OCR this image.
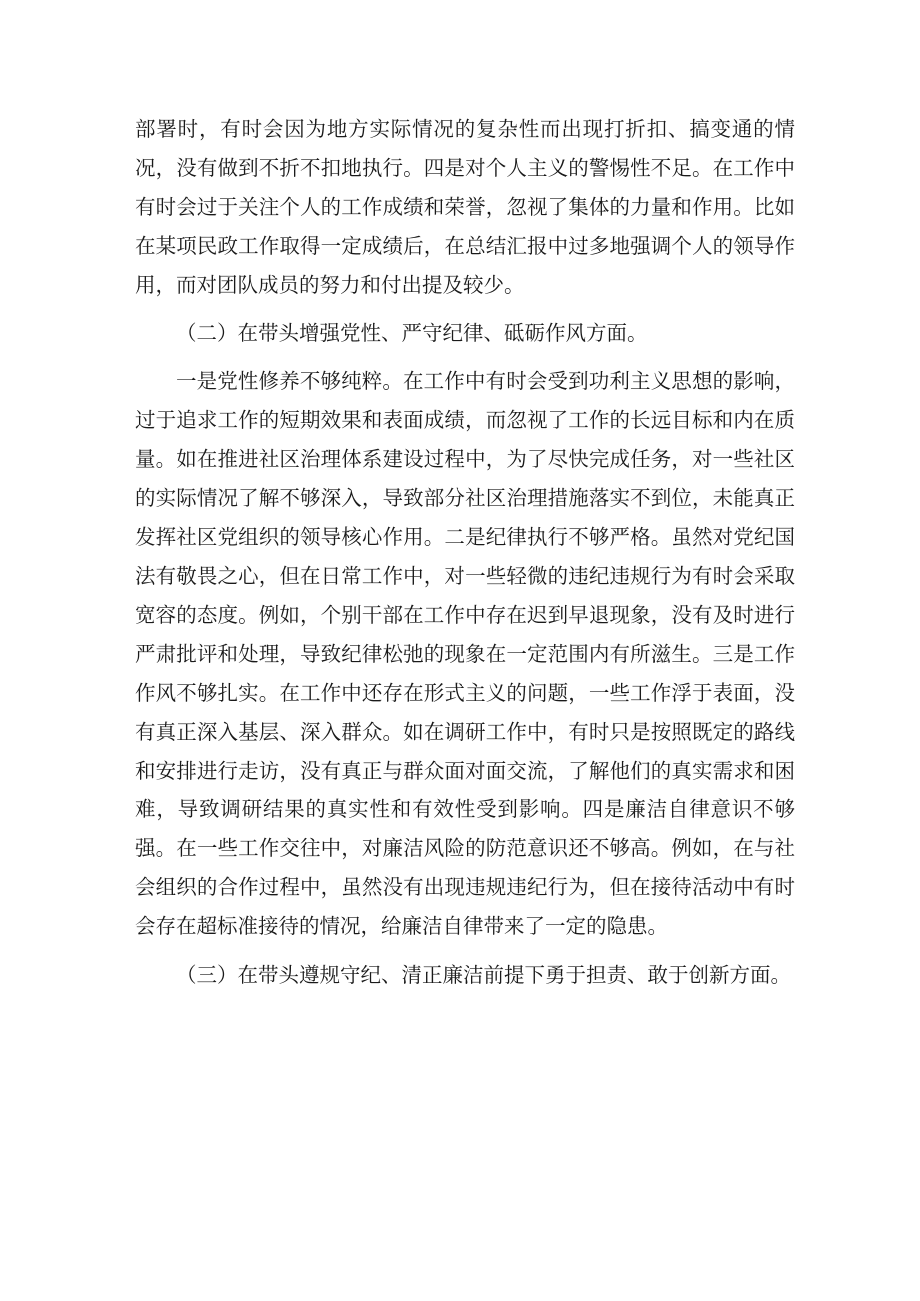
部署时，有时会因为地方实际情况的复杂性而出现打折扣、搞变通的情况，没有做到不折不扣地执行。四是对个人主义的警惕性不足。在工作中有时会过于关注个人的工作成绩和荣誉，忽视了集体的力量和作用。比如在某项民政工作取得一定成绩后，在总结汇报中过多地强调个人的领导作用，而对团队成员的努力和付出提及较少。

（二）在带头增强党性、严守纪律、砥砺作风方面。

一是党性修养不够纯粹。在工作中有时会受到功利主义思想的影响，过于追求工作的短期效果和表面成绩，而忽视了工作的长远目标和内在质量。如在推进社区治理体系建设过程中，为了尽快完成任务，对一些社区的实际情况了解不够深入，导致部分社区治理措施落实不到位，未能真正发挥社区党组织的领导核心作用。二是纪律执行不够严格。虽然对党纪国法有敬畏之心，但在日常工作中，对一些轻微的违纪违规行为有时会采取宽容的态度。例如，个别干部在工作中存在迟到早退现象，没有及时进行严肃批评和处理，导致纪律松弛的现象在一定范围内有所滋生。三是工作作风不够扎实。在工作中还存在形式主义的问题，一些工作浮于表面，没有真正深入基层、深入群众。如在调研工作中，有时只是按照既定的路线和安排进行走访，没有真正与群众面对面交流，了解他们的真实需求和困难，导致调研结果的真实性和有效性受到影响。四是廉洁自律意识不够强。在一些工作交往中，对廉洁风险的防范意识还不够高。例如，在与社会组织的合作过程中，虽然没有出现违规违纪行为，但在接待活动中有时会存在超标准接待的情况，给廉洁自律带来了一定的隐患。

（三）在带头遵规守纪、清正廉洁前提下勇于担责、敢于创新方面。
